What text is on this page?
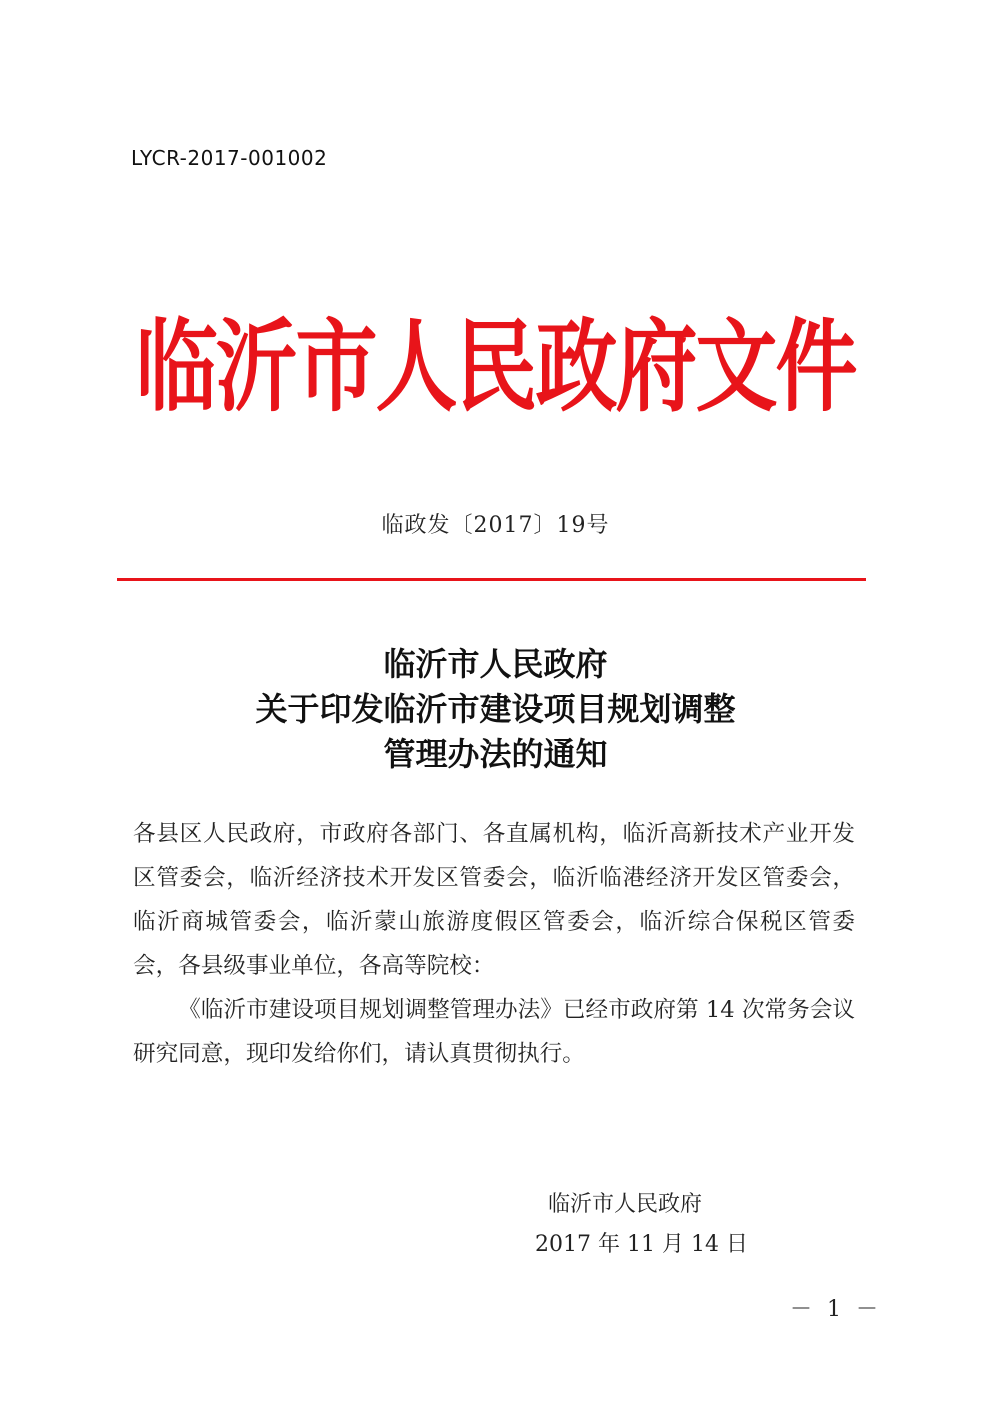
LYCR-2017-001002
临沂市人民政府文件
临政发〔2017〕19号
临沂市人民政府
关于印发临沂市建设项目规划调整
管理办法的通知

各县区人民政府，市政府各部门、各直属机构，临沂高新技术产业开发区管委会，临沂经济技术开发区管委会，临沂临港经济开发区管委会，临沂商城管委会，临沂蒙山旅游度假区管委会，临沂综合保税区管委会，各县级事业单位，各高等院校：

《临沂市建设项目规划调整管理办法》已经市政府第 14 次常务会议研究同意，现印发给你们，请认真贯彻执行。

临沂市人民政府
2017 年 11 月 14 日
－ 1 －
